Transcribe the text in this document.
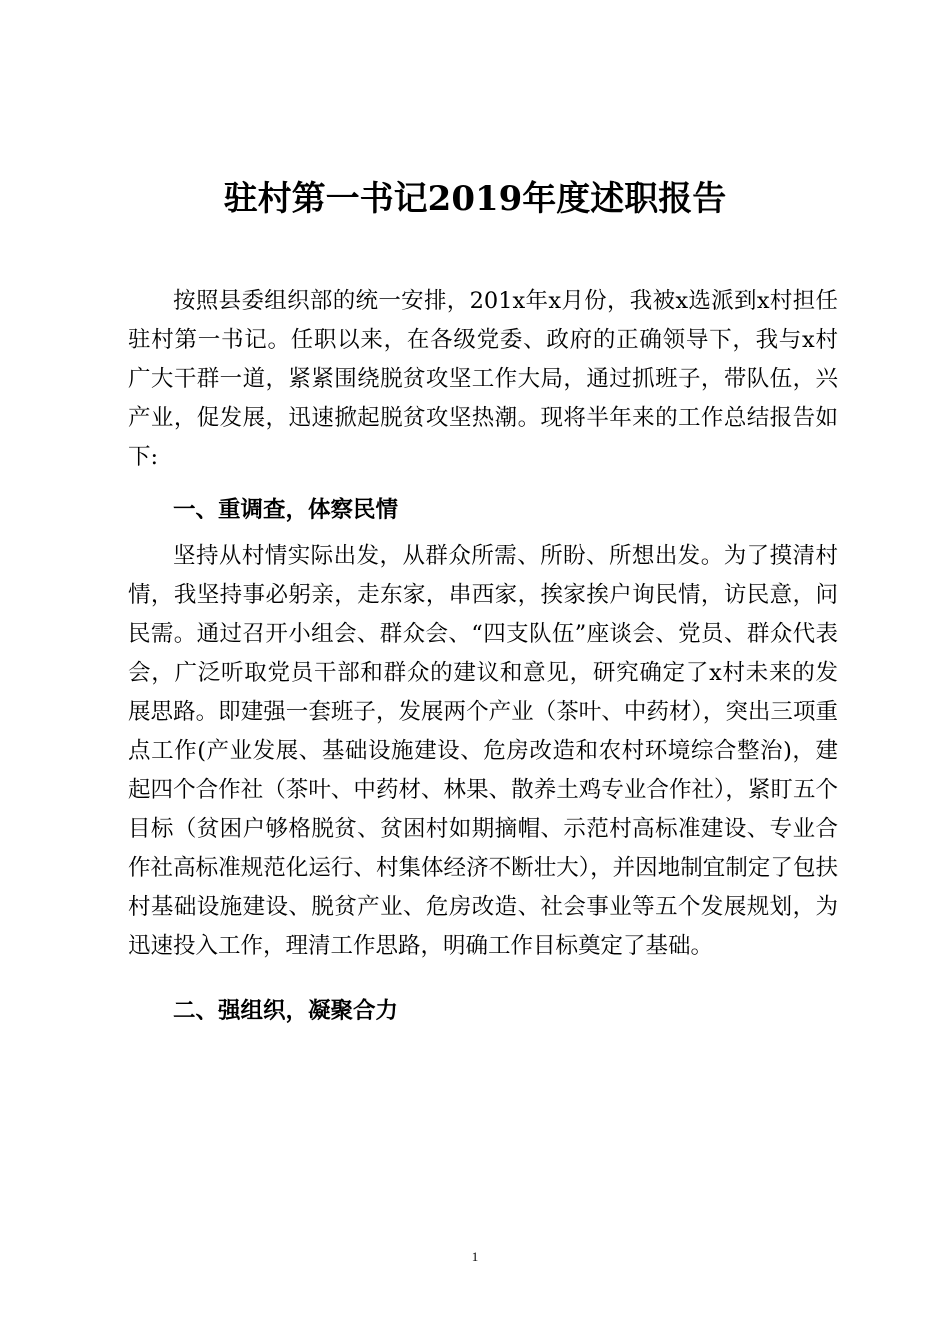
驻村第一书记2019年度述职报告

按照县委组织部的统一安排，201x年x月份，我被x选派到x村担任驻村第一书记。任职以来，在各级党委、政府的正确领导下，我与x村广大干群一道，紧紧围绕脱贫攻坚工作大局，通过抓班子，带队伍，兴产业，促发展，迅速掀起脱贫攻坚热潮。现将半年来的工作总结报告如下:

一、重调查，体察民情

坚持从村情实际出发，从群众所需、所盼、所想出发。为了摸清村情，我坚持事必躬亲，走东家，串西家，挨家挨户询民情，访民意，问民需。通过召开小组会、群众会、“四支队伍”座谈会、党员、群众代表会，广泛听取党员干部和群众的建议和意见，研究确定了x村未来的发展思路。即建强一套班子，发展两个产业（茶叶、中药材），突出三项重点工作(产业发展、基础设施建设、危房改造和农村环境综合整治)，建起四个合作社（茶叶、中药材、林果、散养土鸡专业合作社），紧盯五个目标（贫困户够格脱贫、贫困村如期摘帽、示范村高标准建设、专业合作社高标准规范化运行、村集体经济不断壮大），并因地制宜制定了包扶村基础设施建设、脱贫产业、危房改造、社会事业等五个发展规划，为迅速投入工作，理清工作思路，明确工作目标奠定了基础。

二、强组织，凝聚合力

1
